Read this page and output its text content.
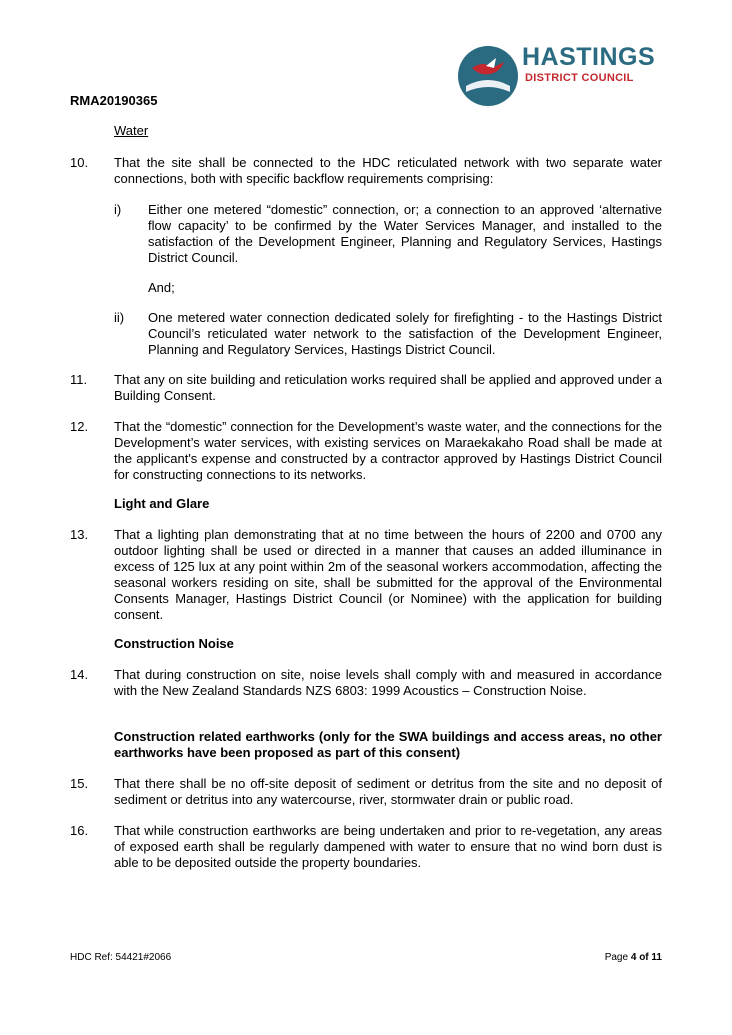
HASTINGS
DISTRICT COUNCIL
RMA20190365
Water
10. That the site shall be connected to the HDC reticulated network with two separate water connections, both with specific backflow requirements comprising:
i) Either one metered “domestic” connection, or; a connection to an approved ‘alternative flow capacity’ to be confirmed by the Water Services Manager, and installed to the satisfaction of the Development Engineer, Planning and Regulatory Services, Hastings District Council.
And;
ii) One metered water connection dedicated solely for firefighting - to the Hastings District Council’s reticulated water network to the satisfaction of the Development Engineer, Planning and Regulatory Services, Hastings District Council.
11. That any on site building and reticulation works required shall be applied and approved under a Building Consent.
12. That the “domestic” connection for the Development’s waste water, and the connections for the Development’s water services, with existing services on Maraekakaho Road shall be made at the applicant's expense and constructed by a contractor approved by Hastings District Council for constructing connections to its networks.
Light and Glare
13. That a lighting plan demonstrating that at no time between the hours of 2200 and 0700 any outdoor lighting shall be used or directed in a manner that causes an added illuminance in excess of 125 lux at any point within 2m of the seasonal workers accommodation, affecting the seasonal workers residing on site, shall be submitted for the approval of the Environmental Consents Manager, Hastings District Council (or Nominee) with the application for building consent.
Construction Noise
14. That during construction on site, noise levels shall comply with and measured in accordance with the New Zealand Standards NZS 6803: 1999 Acoustics – Construction Noise.
Construction related earthworks (only for the SWA buildings and access areas, no other earthworks have been proposed as part of this consent)
15. That there shall be no off-site deposit of sediment or detritus from the site and no deposit of sediment or detritus into any watercourse, river, stormwater drain or public road.
16. That while construction earthworks are being undertaken and prior to re-vegetation, any areas of exposed earth shall be regularly dampened with water to ensure that no wind born dust is able to be deposited outside the property boundaries.
HDC Ref: 54421#2066	Page 4 of 11
